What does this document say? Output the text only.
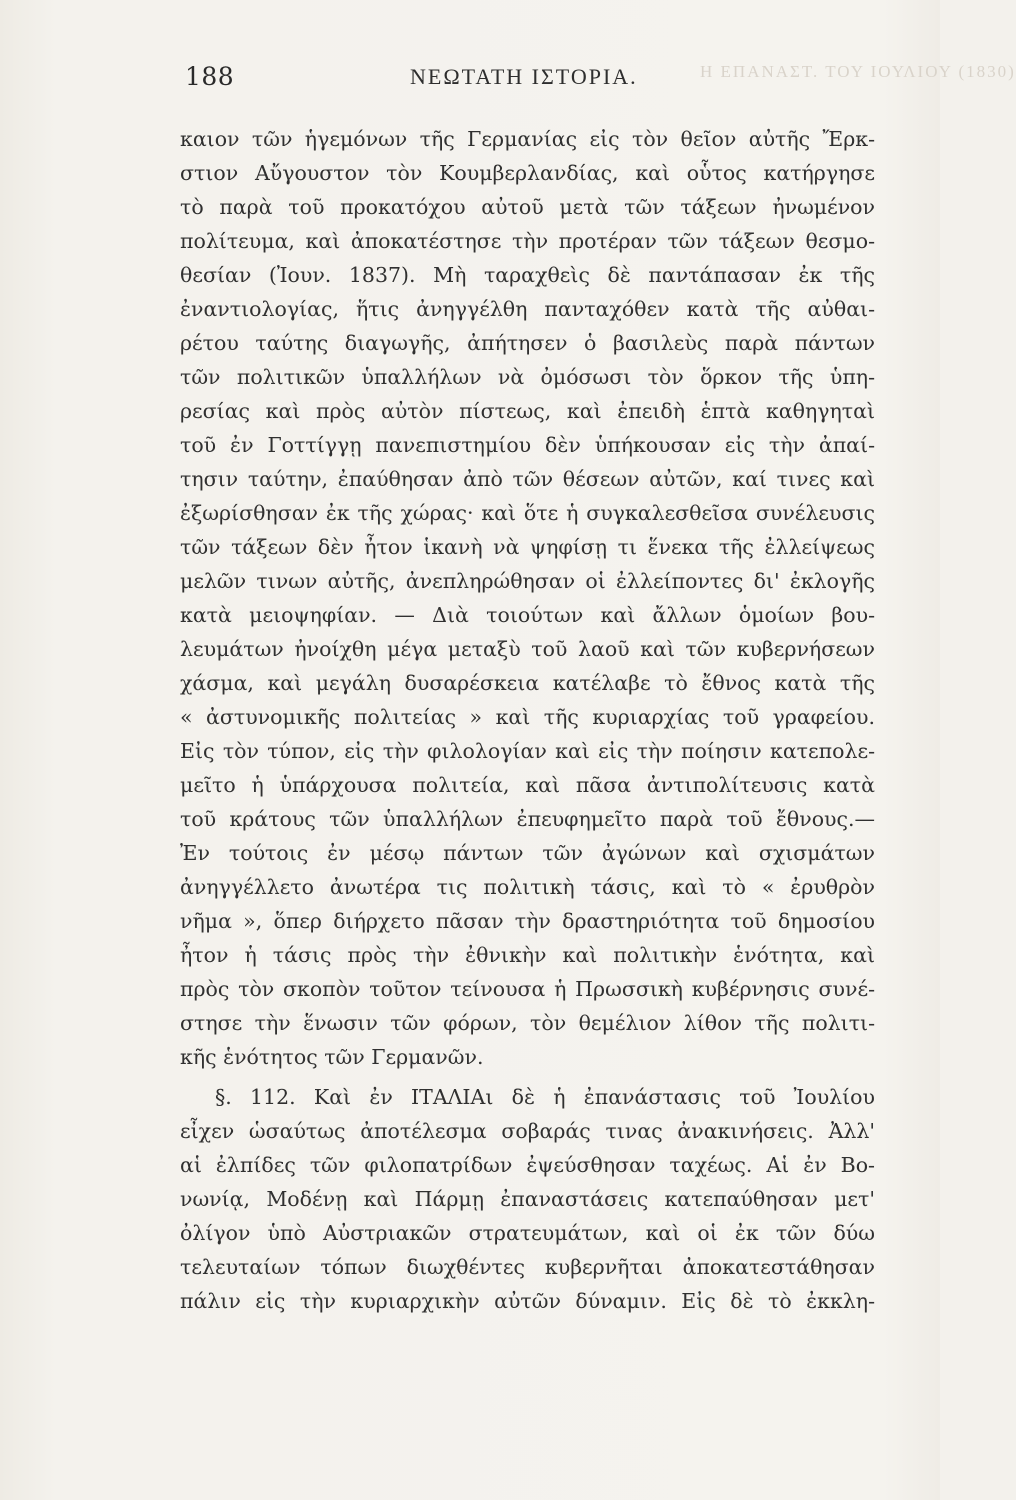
Η ΕΠΑΝΑΣΤ. ΤΟΥ ΙΟΥΛΙΟΥ (1830)
188	ΝΕΩΤΑΤΗ ΙΣΤΟΡΙΑ.
καιον τῶν ἡγεμόνων τῆς Γερμανίας εἰς τὸν θεῖον αὐτῆς Ἔρκ-
στιον Αὔγουστον τὸν Κουμβερλανδίας, καὶ οὗτος κατήργησε
τὸ παρὰ τοῦ προκατόχου αὐτοῦ μετὰ τῶν τάξεων ἠνωμένον
πολίτευμα, καὶ ἀποκατέστησε τὴν προτέραν τῶν τάξεων θεσμο-
θεσίαν (Ἰουν. 1837). Μὴ ταραχθεὶς δὲ παντάπασαν ἐκ τῆς
ἐναντιολογίας, ἥτις ἀνηγγέλθη πανταχόθεν κατὰ τῆς αὐθαι-
ρέτου ταύτης διαγωγῆς, ἀπήτησεν ὁ βασιλεὺς παρὰ πάντων
τῶν πολιτικῶν ὑπαλλήλων νὰ ὀμόσωσι τὸν ὅρκον τῆς ὑπη-
ρεσίας καὶ πρὸς αὐτὸν πίστεως, καὶ ἐπειδὴ ἑπτὰ καθηγηταὶ
τοῦ ἐν Γοττίγγῃ πανεπιστημίου δὲν ὑπήκουσαν εἰς τὴν ἀπαί-
τησιν ταύτην, ἐπαύθησαν ἀπὸ τῶν θέσεων αὐτῶν, καί τινες καὶ
ἐξωρίσθησαν ἐκ τῆς χώρας· καὶ ὅτε ἡ συγκαλεσθεῖσα συνέλευσις
τῶν τάξεων δὲν ἦτον ἱκανὴ νὰ ψηφίσῃ τι ἕνεκα τῆς ἐλλείψεως
μελῶν τινων αὐτῆς, ἀνεπληρώθησαν οἱ ἐλλείποντες δι' ἐκλογῆς
κατὰ μειοψηφίαν. — Διὰ τοιούτων καὶ ἄλλων ὁμοίων βου-
λευμάτων ἠνοίχθη μέγα μεταξὺ τοῦ λαοῦ καὶ τῶν κυβερνήσεων
χάσμα, καὶ μεγάλη δυσαρέσκεια κατέλαβε τὸ ἔθνος κατὰ τῆς
« ἀστυνομικῆς πολιτείας » καὶ τῆς κυριαρχίας τοῦ γραφείου.
Εἰς τὸν τύπον, εἰς τὴν φιλολογίαν καὶ εἰς τὴν ποίησιν κατεπολε-
μεῖτο ἡ ὑπάρχουσα πολιτεία, καὶ πᾶσα ἀντιπολίτευσις κατὰ
τοῦ κράτους τῶν ὑπαλλήλων ἐπευφημεῖτο παρὰ τοῦ ἔθνους.—
Ἐν τούτοις ἐν μέσῳ πάντων τῶν ἀγώνων καὶ σχισμάτων
ἀνηγγέλλετο ἀνωτέρα τις πολιτικὴ τάσις, καὶ τὸ « ἐρυθρὸν
νῆμα », ὅπερ διήρχετο πᾶσαν τὴν δραστηριότητα τοῦ δημοσίου
ἦτον ἡ τάσις πρὸς τὴν ἐθνικὴν καὶ πολιτικὴν ἑνότητα, καὶ
πρὸς τὸν σκοπὸν τοῦτον τείνουσα ἡ Πρωσσικὴ κυβέρνησις συνέ-
στησε τὴν ἕνωσιν τῶν φόρων, τὸν θεμέλιον λίθον τῆς πολιτι-
κῆς ἑνότητος τῶν Γερμανῶν.
§. 112. Καὶ ἐν ΙΤΑΛΙΑι δὲ ἡ ἐπανάστασις τοῦ Ἰουλίου
εἶχεν ὡσαύτως ἀποτέλεσμα σοβαράς τινας ἀνακινήσεις. Ἀλλ'
αἱ ἐλπίδες τῶν φιλοπατρίδων ἐψεύσθησαν ταχέως. Αἱ ἐν Βο-
νωνίᾳ, Μοδένῃ καὶ Πάρμῃ ἐπαναστάσεις κατεπαύθησαν μετ'
ὀλίγον ὑπὸ Αὐστριακῶν στρατευμάτων, καὶ οἱ ἐκ τῶν δύω
τελευταίων τόπων διωχθέντες κυβερνῆται ἀποκατεστάθησαν
πάλιν εἰς τὴν κυριαρχικὴν αὐτῶν δύναμιν. Εἰς δὲ τὸ ἐκκλη-
